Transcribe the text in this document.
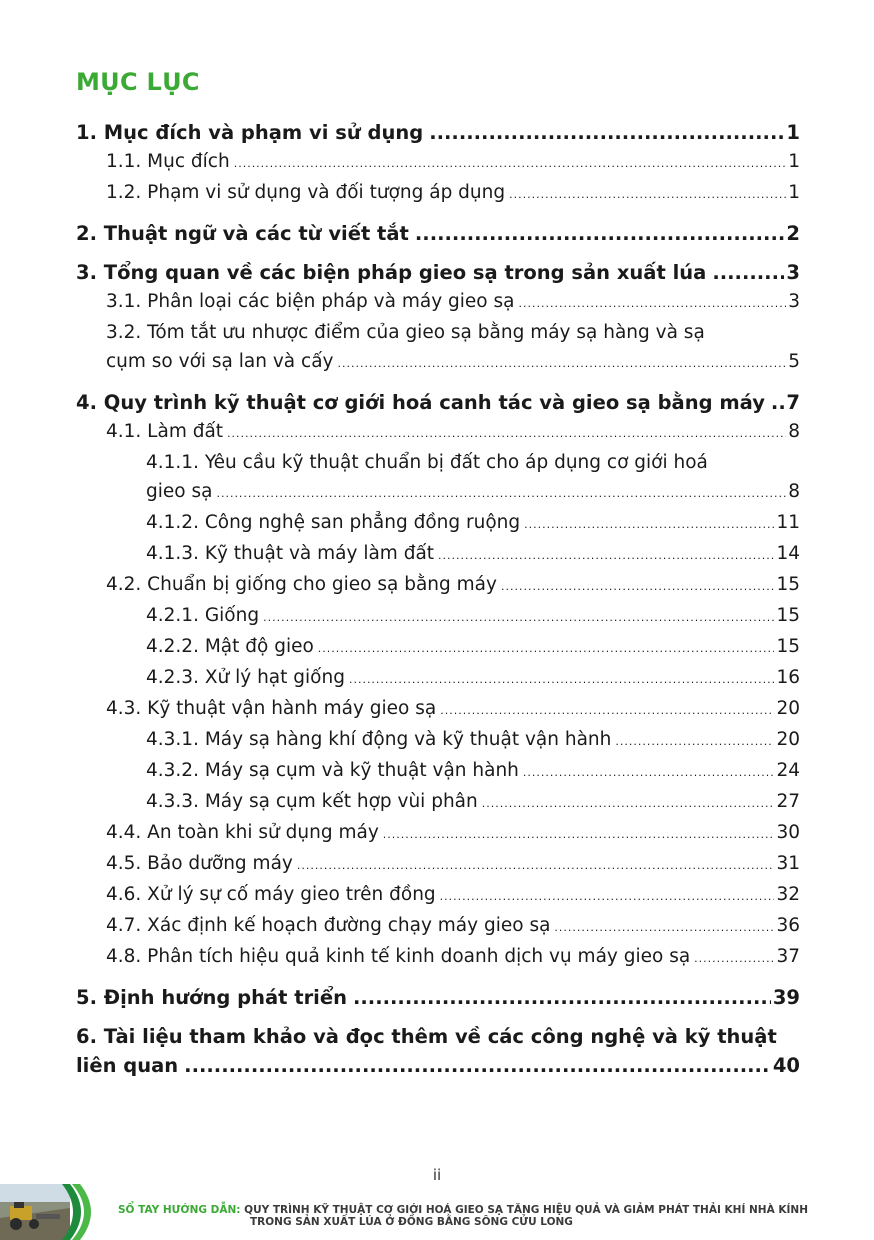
MỤC LỤC
1. Mục đích và phạm vi sử dụng .....	1
1.1. Mục đích .....	1
1.2. Phạm vi sử dụng và đối tượng áp dụng .....	1
2. Thuật ngữ và các từ viết tắt .....	2
3. Tổng quan về các biện pháp gieo sạ trong sản xuất lúa .....	3
3.1. Phân loại các biện pháp và máy gieo sạ .....	3
3.2. Tóm tắt ưu nhược điểm của gieo sạ bằng máy sạ hàng và sạ
cụm so với sạ lan và cấy .....	5
4. Quy trình kỹ thuật cơ giới hoá canh tác và gieo sạ bằng máy ..... 7
4.1. Làm đất .....	8
4.1.1. Yêu cầu kỹ thuật chuẩn bị đất cho áp dụng cơ giới hoá
gieo sạ .....	8
4.1.2. Công nghệ san phẳng đồng ruộng .....	11
4.1.3. Kỹ thuật và máy làm đất .....	14
4.2. Chuẩn bị giống cho gieo sạ bằng máy .....	15
4.2.1. Giống .....	15
4.2.2. Mật độ gieo .....	15
4.2.3. Xử lý hạt giống .....	16
4.3. Kỹ thuật vận hành máy gieo sạ .....	20
4.3.1. Máy sạ hàng khí động và kỹ thuật vận hành .....	20
4.3.2. Máy sạ cụm và kỹ thuật vận hành .....	24
4.3.3. Máy sạ cụm kết hợp vùi phân .....	27
4.4. An toàn khi sử dụng máy .....	30
4.5. Bảo dưỡng máy .....	31
4.6. Xử lý sự cố máy gieo trên đồng .....	32
4.7. Xác định kế hoạch đường chạy máy gieo sạ .....	36
4.8. Phân tích hiệu quả kinh tế kinh doanh dịch vụ máy gieo sạ .....	37
5. Định hướng phát triển .....	39
6. Tài liệu tham khảo và đọc thêm về các công nghệ và kỹ thuật
liên quan .....	40
ii
SỔ TAY HƯỚNG DẪN: QUY TRÌNH KỸ THUẬT CƠ GIỚI HOÁ GIEO SẠ TĂNG HIỆU QUẢ VÀ GIẢM PHÁT THẢI KHÍ NHÀ KÍNH
TRONG SẢN XUẤT LÚA Ở ĐỒNG BẰNG SÔNG CỬU LONG
